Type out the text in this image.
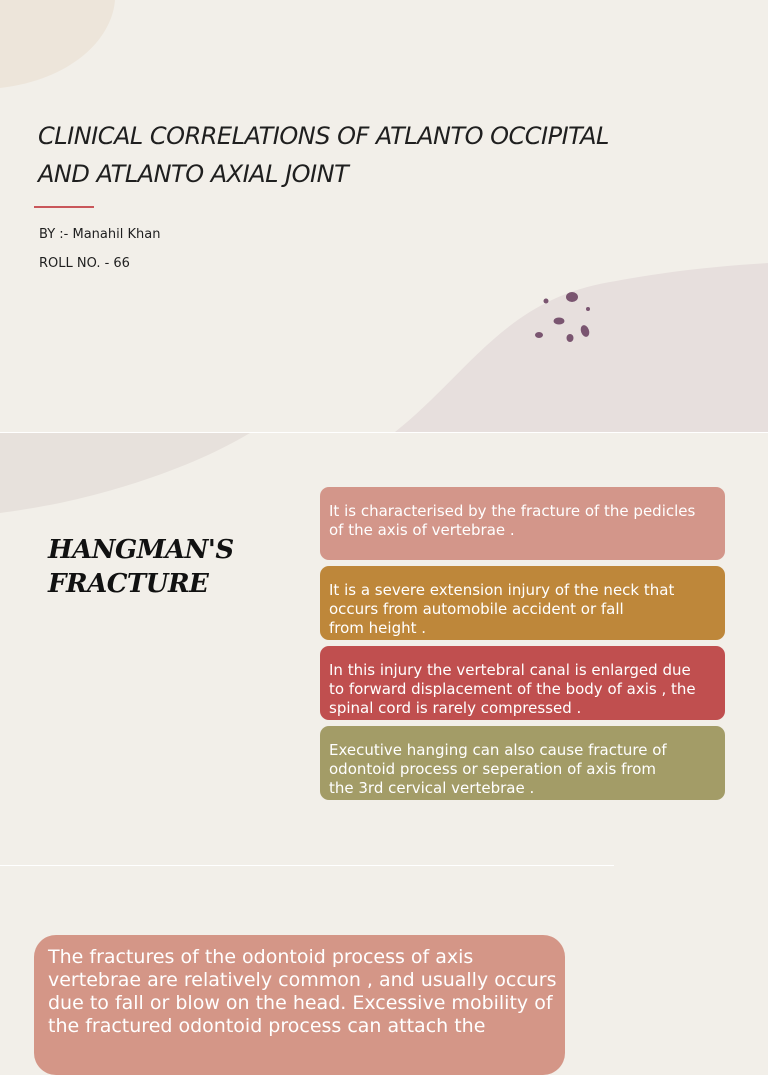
CLINICAL CORRELATIONS OF ATLANTO OCCIPITAL
AND ATLANTO AXIAL JOINT
BY :- Manahil Khan
ROLL NO. - 66
HANGMAN'S
FRACTURE
It is characterised by the fracture of the pedicles
of the axis of vertebrae .
It is a severe extension injury of the neck that
occurs from automobile accident or fall
from height .
In this injury the vertebral canal is enlarged due
to forward displacement of the body of axis , the
spinal cord is rarely compressed .
Executive hanging can also cause fracture of
odontoid process or seperation of axis from
the 3rd cervical vertebrae .
The fractures of the odontoid process of axis
vertebrae are relatively common , and usually occurs
due to fall or blow on the head. Excessive mobility of
the fractured odontoid process can attach the
